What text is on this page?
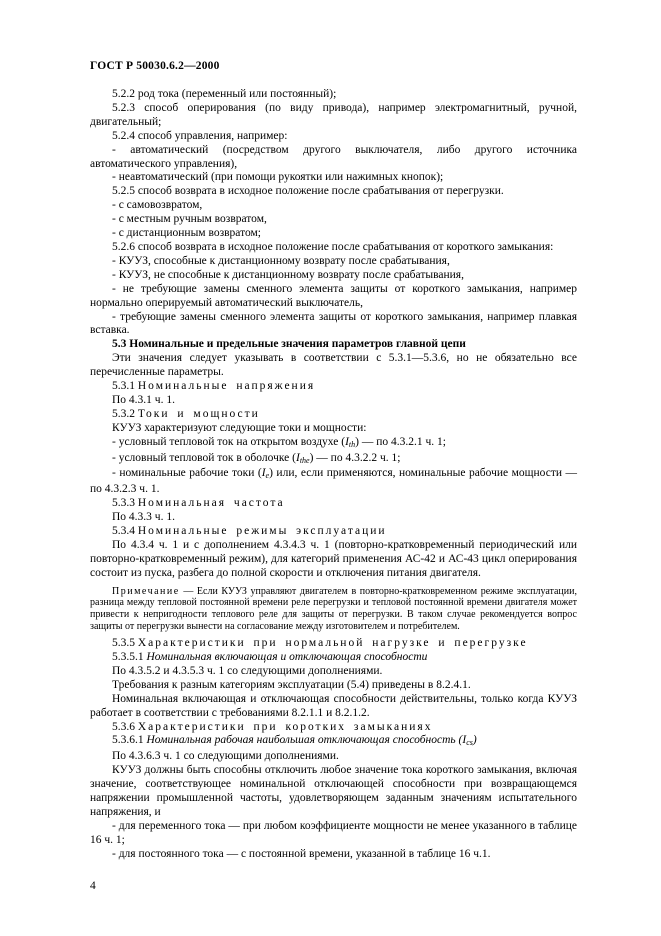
ГОСТ Р 50030.6.2—2000

5.2.2 род тока (переменный или постоянный);

5.2.3 способ оперирования (по виду привода), например электромагнитный, ручной, двигательный;

5.2.4 способ управления, например:

- автоматический (посредством другого выключателя, либо другого источника автоматического управления),

- неавтоматический (при помощи рукоятки или нажимных кнопок);

5.2.5 способ возврата в исходное положение после срабатывания от перегрузки.

- с самовозвратом,

- с местным ручным возвратом,

- с дистанционным возвратом;

5.2.6 способ возврата в исходное положение после срабатывания от короткого замыкания:

- КУУЗ, способные к дистанционному возврату после срабатывания,

- КУУЗ, не способные к дистанционному возврату после срабатывания,

- не требующие замены сменного элемента защиты от короткого замыкания, например нормально оперируемый автоматический выключатель,

- требующие замены сменного элемента защиты от короткого замыкания, например плавкая вставка.

5.3 Номинальные и предельные значения параметров главной цепи

Эти значения следует указывать в соответствии с 5.3.1—5.3.6, но не обязательно все перечисленные параметры.

5.3.1 Номинальные напряжения

По 4.3.1 ч. 1.

5.3.2 Токи и мощности

КУУЗ характеризуют следующие токи и мощности:

- условный тепловой ток на открытом воздухе (Ith) — по 4.3.2.1 ч. 1;

- условный тепловой ток в оболочке (Ithe) — по 4.3.2.2 ч. 1;

- номинальные рабочие токи (Ie) или, если применяются, номинальные рабочие мощности — по 4.3.2.3 ч. 1.

5.3.3 Номинальная частота

По 4.3.3 ч. 1.

5.3.4 Номинальные режимы эксплуатации

По 4.3.4 ч. 1 и с дополнением 4.3.4.3 ч. 1 (повторно-кратковременный периодический или повторно-кратковременный режим), для категорий применения АС-42 и АС-43 цикл оперирования состоит из пуска, разбега до полной скорости и отключения питания двигателя.

Примечание — Если КУУЗ управляют двигателем в повторно-кратковременном режиме эксплуатации, разница между тепловой постоянной времени реле перегрузки и тепловой постоянной времени двигателя может привести к непригодности теплового реле для защиты от перегрузки. В таком случае рекомендуется вопрос защиты от перегрузки вынести на согласование между изготовителем и потребителем.

5.3.5 Характеристики при нормальной нагрузке и перегрузке

5.3.5.1 Номинальная включающая и отключающая способности

По 4.3.5.2 и 4.3.5.3 ч. 1 со следующими дополнениями.

Требования к разным категориям эксплуатации (5.4) приведены в 8.2.4.1.

Номинальная включающая и отключающая способности действительны, только когда КУУЗ работает в соответствии с требованиями 8.2.1.1 и 8.2.1.2.

5.3.6 Характеристики при коротких замыканиях

5.3.6.1 Номинальная рабочая наибольшая отключающая способность (Ics)

По 4.3.6.3 ч. 1 со следующими дополнениями.

КУУЗ должны быть способны отключить любое значение тока короткого замыкания, включая значение, соответствующее номинальной отключающей способности при возвращающемся напряжении промышленной частоты, удовлетворяющем заданным значениям испытательного напряжения, и

- для переменного тока — при любом коэффициенте мощности не менее указанного в таблице 16 ч. 1;

- для постоянного тока — с постоянной времени, указанной в таблице 16 ч.1.

4
